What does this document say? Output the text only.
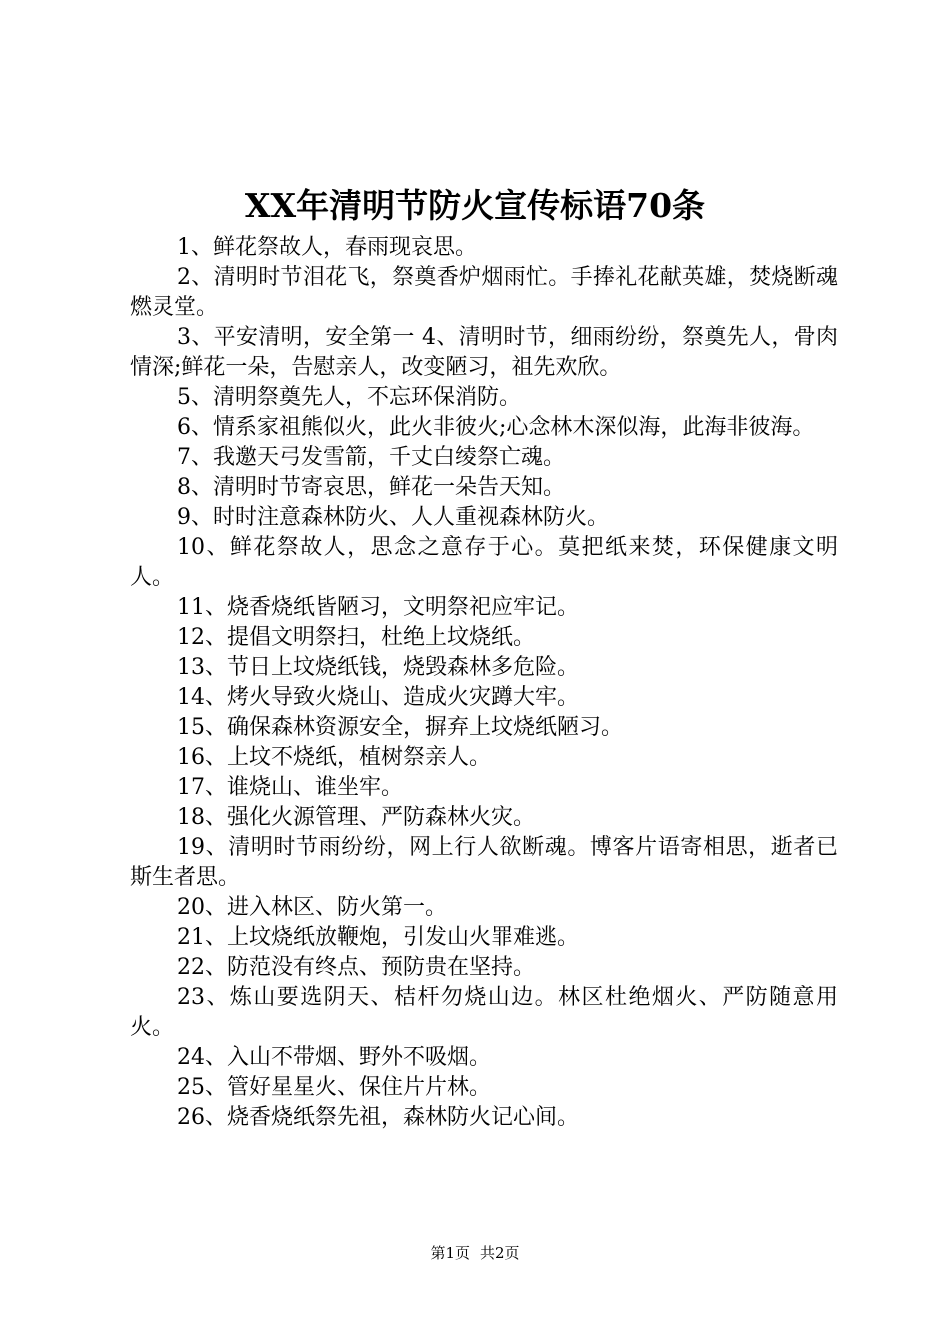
XX年清明节防火宣传标语70条

1、鲜花祭故人，春雨现哀思。

2、清明时节泪花飞，祭奠香炉烟雨忙。手捧礼花献英雄，焚烧断魂燃灵堂。

3、平安清明，安全第一 4、清明时节，细雨纷纷，祭奠先人，骨肉情深;鲜花一朵，告慰亲人，改变陋习，祖先欢欣。

5、清明祭奠先人，不忘环保消防。

6、情系家祖熊似火，此火非彼火;心念林木深似海，此海非彼海。

7、我邀天弓发雪箭，千丈白绫祭亡魂。

8、清明时节寄哀思，鲜花一朵告天知。

9、时时注意森林防火、人人重视森林防火。

10、鲜花祭故人，思念之意存于心。莫把纸来焚，环保健康文明人。

11、烧香烧纸皆陋习，文明祭祀应牢记。

12、提倡文明祭扫，杜绝上坟烧纸。

13、节日上坟烧纸钱，烧毁森林多危险。

14、烤火导致火烧山、造成火灾蹲大牢。

15、确保森林资源安全，摒弃上坟烧纸陋习。

16、上坟不烧纸，植树祭亲人。

17、谁烧山、谁坐牢。

18、强化火源管理、严防森林火灾。

19、清明时节雨纷纷，网上行人欲断魂。博客片语寄相思，逝者已斯生者思。

20、进入林区、防火第一。

21、上坟烧纸放鞭炮，引发山火罪难逃。

22、防范没有终点、预防贵在坚持。

23、炼山要选阴天、桔杆勿烧山边。林区杜绝烟火、严防随意用火。

24、入山不带烟、野外不吸烟。

25、管好星星火、保住片片林。

26、烧香烧纸祭先祖，森林防火记心间。

第1页 共2页
